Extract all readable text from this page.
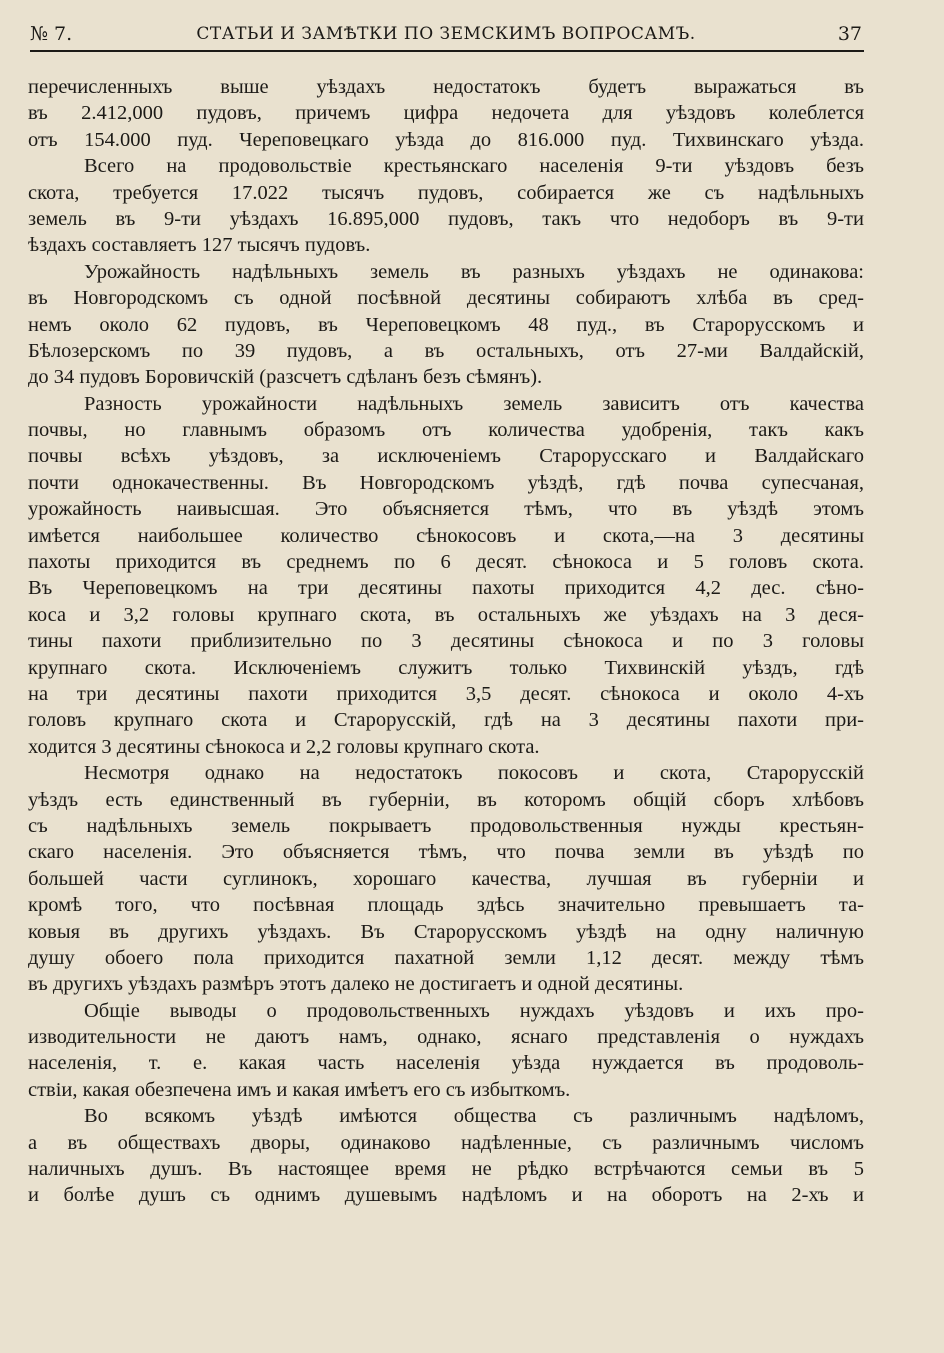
№ 7.	СТАТЬИ И ЗАМѢТКИ ПО ЗЕМСКИМЪ ВОПРОСАМЪ.	37
перечисленныхъ выше уѣздахъ недостатокъ будетъ выражаться въ
въ 2.412,000 пудовъ, причемъ цифра недочета для уѣздовъ колеблется
отъ 154.000 пуд. Череповецкаго уѣзда до 816.000 пуд. Тихвинскаго уѣзда.
Всего на продовольствіе крестьянскаго населенія 9-ти уѣздовъ безъ
скота, требуется 17.022 тысячъ пудовъ, собирается же съ надѣльныхъ
земель въ 9-ти уѣздахъ 16.895,000 пудовъ, такъ что недоборъ въ 9-ти
ѣздахъ составляетъ 127 тысячъ пудовъ.
Урожайность надѣльныхъ земель въ разныхъ уѣздахъ не одинакова:
въ Новгородскомъ съ одной посѣвной десятины собираютъ хлѣба въ сред-
немъ около 62 пудовъ, въ Череповецкомъ 48 пуд., въ Старорусскомъ и
Бѣлозерскомъ по 39 пудовъ, а въ остальныхъ, отъ 27-ми Валдайскій,
до 34 пудовъ Боровичскій (разсчетъ сдѣланъ безъ сѣмянъ).
Разность урожайности надѣльныхъ земель зависитъ отъ качества
почвы, но главнымъ образомъ отъ количества удобренія, такъ какъ
почвы всѣхъ уѣздовъ, за исключеніемъ Старорусскаго и Валдайскаго
почти однокачественны. Въ Новгородскомъ уѣздѣ, гдѣ почва супесчаная,
урожайность наивысшая. Это объясняется тѣмъ, что въ уѣздѣ этомъ
имѣется наибольшее количество сѣнокосовъ и скота,—на 3 десятины
пахоты приходится въ среднемъ по 6 десят. сѣнокоса и 5 головъ скота.
Въ Череповецкомъ на три десятины пахоты приходится 4,2 дес. сѣно-
коса и 3,2 головы крупнаго скота, въ остальныхъ же уѣздахъ на 3 деся-
тины пахоти приблизительно по 3 десятины сѣнокоса и по 3 головы
крупнаго скота. Исключеніемъ служитъ только Тихвинскій уѣздъ, гдѣ
на три десятины пахоти приходится 3,5 десят. сѣнокоса и около 4-хъ
головъ крупнаго скота и Старорусскій, гдѣ на 3 десятины пахоти при-
ходится 3 десятины сѣнокоса и 2,2 головы крупнаго скота.
Несмотря однако на недостатокъ покосовъ и скота, Старорусскій
уѣздъ есть единственный въ губерніи, въ которомъ общій сборъ хлѣбовъ
съ надѣльныхъ земель покрываетъ продовольственныя нужды крестьян-
скаго населенія. Это объясняется тѣмъ, что почва земли въ уѣздѣ по
большей части суглинокъ, хорошаго качества, лучшая въ губерніи и
кромѣ того, что посѣвная площадь здѣсь значительно превышаетъ та-
ковыя въ другихъ уѣздахъ. Въ Старорусскомъ уѣздѣ на одну наличную
душу обоего пола приходится пахатной земли 1,12 десят. между тѣмъ
въ другихъ уѣздахъ размѣръ этотъ далеко не достигаетъ и одной десятины.
Общіе выводы о продовольственныхъ нуждахъ уѣздовъ и ихъ про-
изводительности не даютъ намъ, однако, яснаго представленія о нуждахъ
населенія, т. е. какая часть населенія уѣзда нуждается въ продоволь-
ствіи, какая обезпечена имъ и какая имѣетъ его съ избыткомъ.
Во всякомъ уѣздѣ имѣются общества съ различнымъ надѣломъ,
а въ обществахъ дворы, одинаково надѣленные, съ различнымъ числомъ
наличныхъ душъ. Въ настоящее время не рѣдко встрѣчаются семьи въ 5
и болѣе душъ съ однимъ душевымъ надѣломъ и на оборотъ на 2-хъ и
